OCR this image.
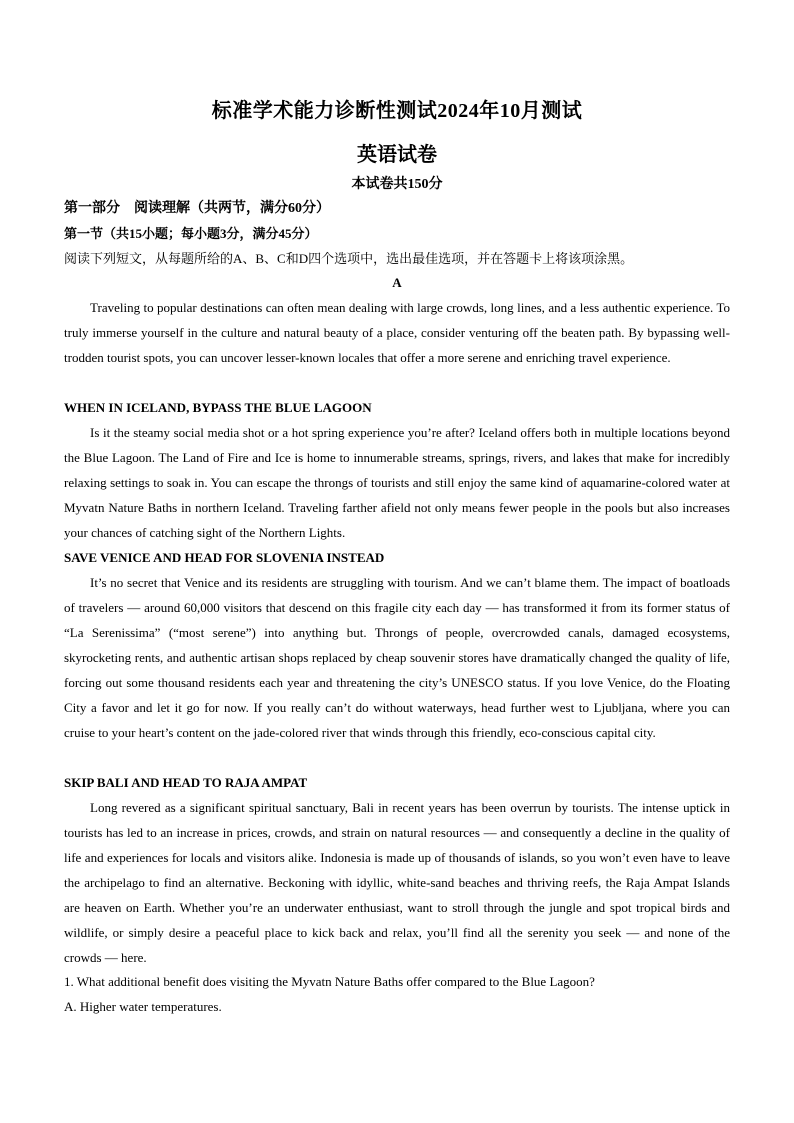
标准学术能力诊断性测试2024年10月测试
英语试卷
本试卷共150分
第一部分　阅读理解（共两节，满分60分）
第一节（共15小题；每小题3分，满分45分）
阅读下列短文，从每题所给的A、B、C和D四个选项中，选出最佳选项，并在答题卡上将该项涂黑。
A
Traveling to popular destinations can often mean dealing with large crowds, long lines, and a less authentic experience. To truly immerse yourself in the culture and natural beauty of a place, consider venturing off the beaten path. By bypassing well-trodden tourist spots, you can uncover lesser-known locales that offer a more serene and enriching travel experience.
WHEN IN ICELAND, BYPASS THE BLUE LAGOON
Is it the steamy social media shot or a hot spring experience you’re after? Iceland offers both in multiple locations beyond the Blue Lagoon. The Land of Fire and Ice is home to innumerable streams, springs, rivers, and lakes that make for incredibly relaxing settings to soak in. You can escape the throngs of tourists and still enjoy the same kind of aquamarine-colored water at Myvatn Nature Baths in northern Iceland. Traveling farther afield not only means fewer people in the pools but also increases your chances of catching sight of the Northern Lights.
SAVE VENICE AND HEAD FOR SLOVENIA INSTEAD
It’s no secret that Venice and its residents are struggling with tourism. And we can’t blame them. The impact of boatloads of travelers — around 60,000 visitors that descend on this fragile city each day — has transformed it from its former status of “La Serenissima” (“most serene”) into anything but. Throngs of people, overcrowded canals, damaged ecosystems, skyrocketing rents, and authentic artisan shops replaced by cheap souvenir stores have dramatically changed the quality of life, forcing out some thousand residents each year and threatening the city’s UNESCO status. If you love Venice, do the Floating City a favor and let it go for now. If you really can’t do without waterways, head further west to Ljubljana, where you can cruise to your heart’s content on the jade-colored river that winds through this friendly, eco-conscious capital city.
SKIP BALI AND HEAD TO RAJA AMPAT
Long revered as a significant spiritual sanctuary, Bali in recent years has been overrun by tourists. The intense uptick in tourists has led to an increase in prices, crowds, and strain on natural resources — and consequently a decline in the quality of life and experiences for locals and visitors alike. Indonesia is made up of thousands of islands, so you won’t even have to leave the archipelago to find an alternative. Beckoning with idyllic, white-sand beaches and thriving reefs, the Raja Ampat Islands are heaven on Earth. Whether you’re an underwater enthusiast, want to stroll through the jungle and spot tropical birds and wildlife, or simply desire a peaceful place to kick back and relax, you’ll find all the serenity you seek — and none of the crowds — here.
1. What additional benefit does visiting the Myvatn Nature Baths offer compared to the Blue Lagoon?
A. Higher water temperatures.
